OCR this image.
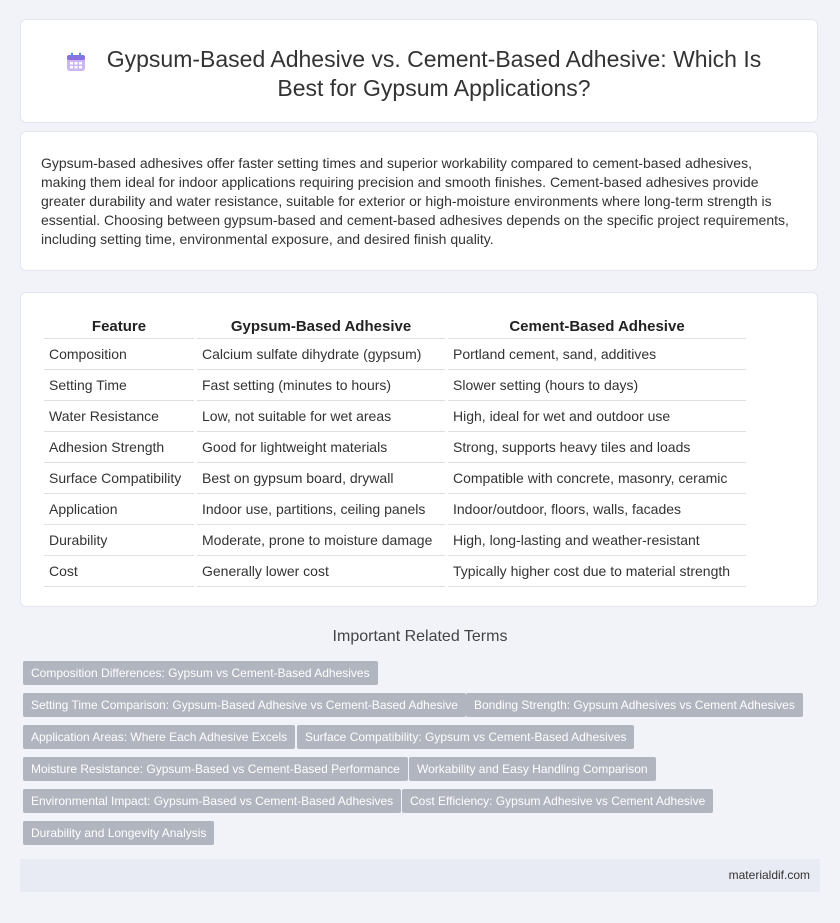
Gypsum-Based Adhesive vs. Cement-Based Adhesive: Which Is Best for Gypsum Applications?

Gypsum-based adhesives offer faster setting times and superior workability compared to cement-based adhesives, making them ideal for indoor applications requiring precision and smooth finishes. Cement-based adhesives provide greater durability and water resistance, suitable for exterior or high-moisture environments where long-term strength is essential. Choosing between gypsum-based and cement-based adhesives depends on the specific project requirements, including setting time, environmental exposure, and desired finish quality.

Feature	Gypsum-Based Adhesive	Cement-Based Adhesive
Composition	Calcium sulfate dihydrate (gypsum)	Portland cement, sand, additives
Setting Time	Fast setting (minutes to hours)	Slower setting (hours to days)
Water Resistance	Low, not suitable for wet areas	High, ideal for wet and outdoor use
Adhesion Strength	Good for lightweight materials	Strong, supports heavy tiles and loads
Surface Compatibility	Best on gypsum board, drywall	Compatible with concrete, masonry, ceramic
Application	Indoor use, partitions, ceiling panels	Indoor/outdoor, floors, walls, facades
Durability	Moderate, prone to moisture damage	High, long-lasting and weather-resistant
Cost	Generally lower cost	Typically higher cost due to material strength
Important Related Terms
Composition Differences: Gypsum vs Cement-Based Adhesives
Setting Time Comparison: Gypsum-Based Adhesive vs Cement-Based Adhesive	Bonding Strength: Gypsum Adhesives vs Cement Adhesives
Application Areas: Where Each Adhesive Excels	Surface Compatibility: Gypsum vs Cement-Based Adhesives
Moisture Resistance: Gypsum-Based vs Cement-Based Performance	Workability and Easy Handling Comparison
Environmental Impact: Gypsum-Based vs Cement-Based Adhesives	Cost Efficiency: Gypsum Adhesive vs Cement Adhesive
Durability and Longevity Analysis
materialdif.com
